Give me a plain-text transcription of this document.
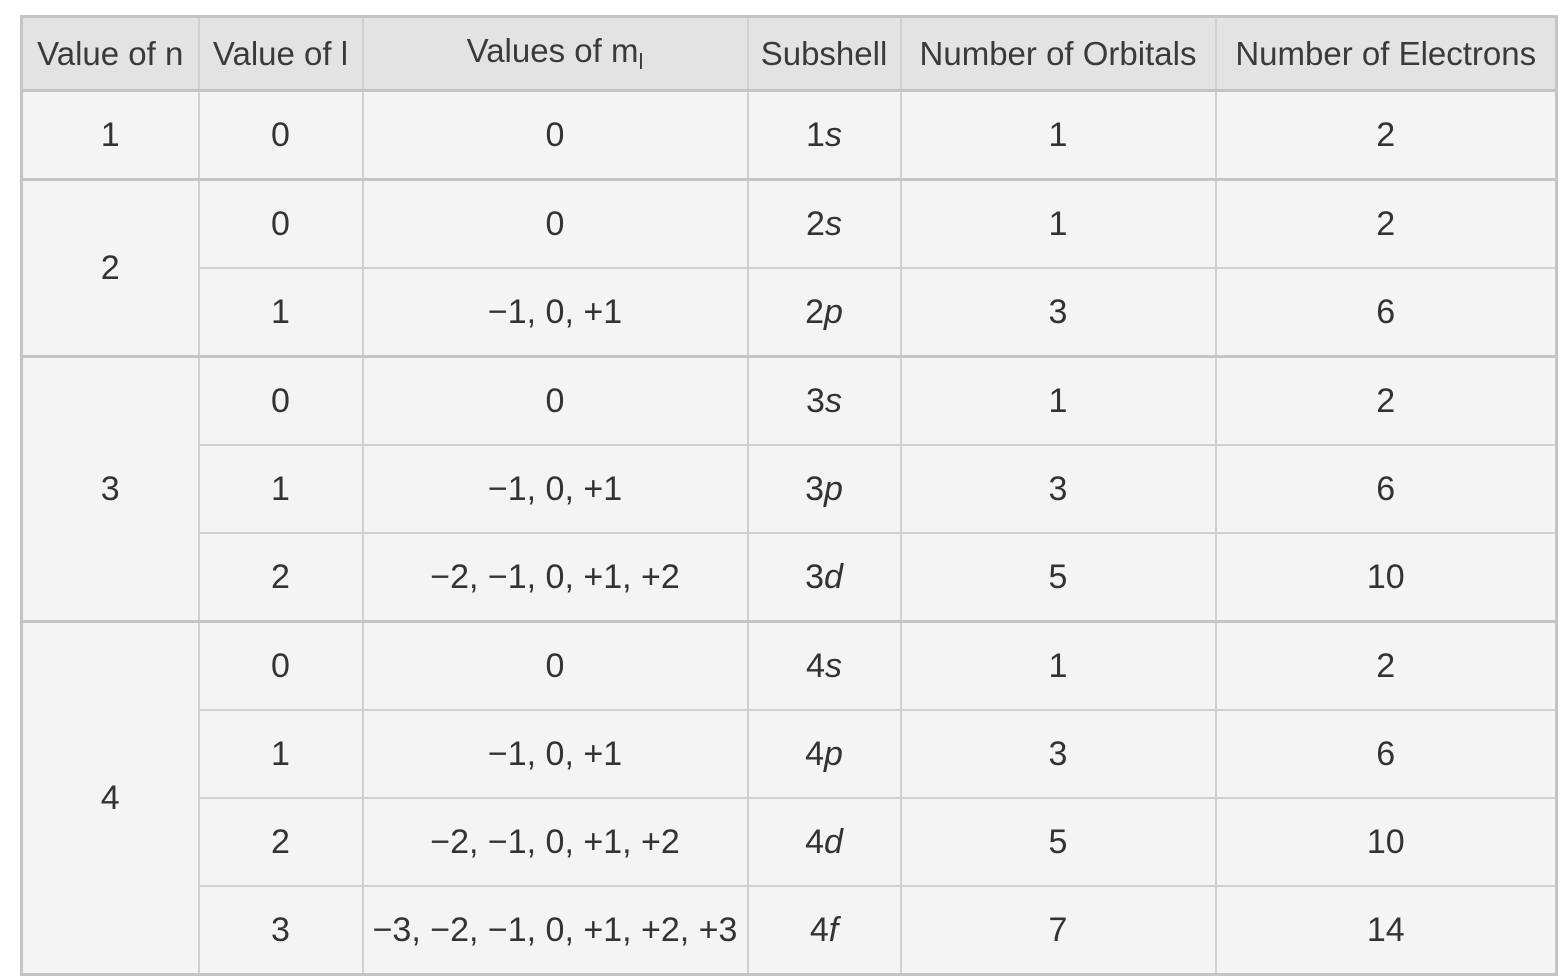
Value of n	Value of l	Values of $m_l$	Subshell	Number of Orbitals	Number of Electrons
1	0	0	1s	1	2
2	0	0	2s	1	2
	1	−1, 0, +1	2p	3	6
3	0	0	3s	1	2
	1	−1, 0, +1	3p	3	6
	2	−2, −1, 0, +1, +2	3d	5	10
4	0	0	4s	1	2
	1	−1, 0, +1	4p	3	6
	2	−2, −1, 0, +1, +2	4d	5	10
	3	−3, −2, −1, 0, +1, +2, +3	4f	7	14
